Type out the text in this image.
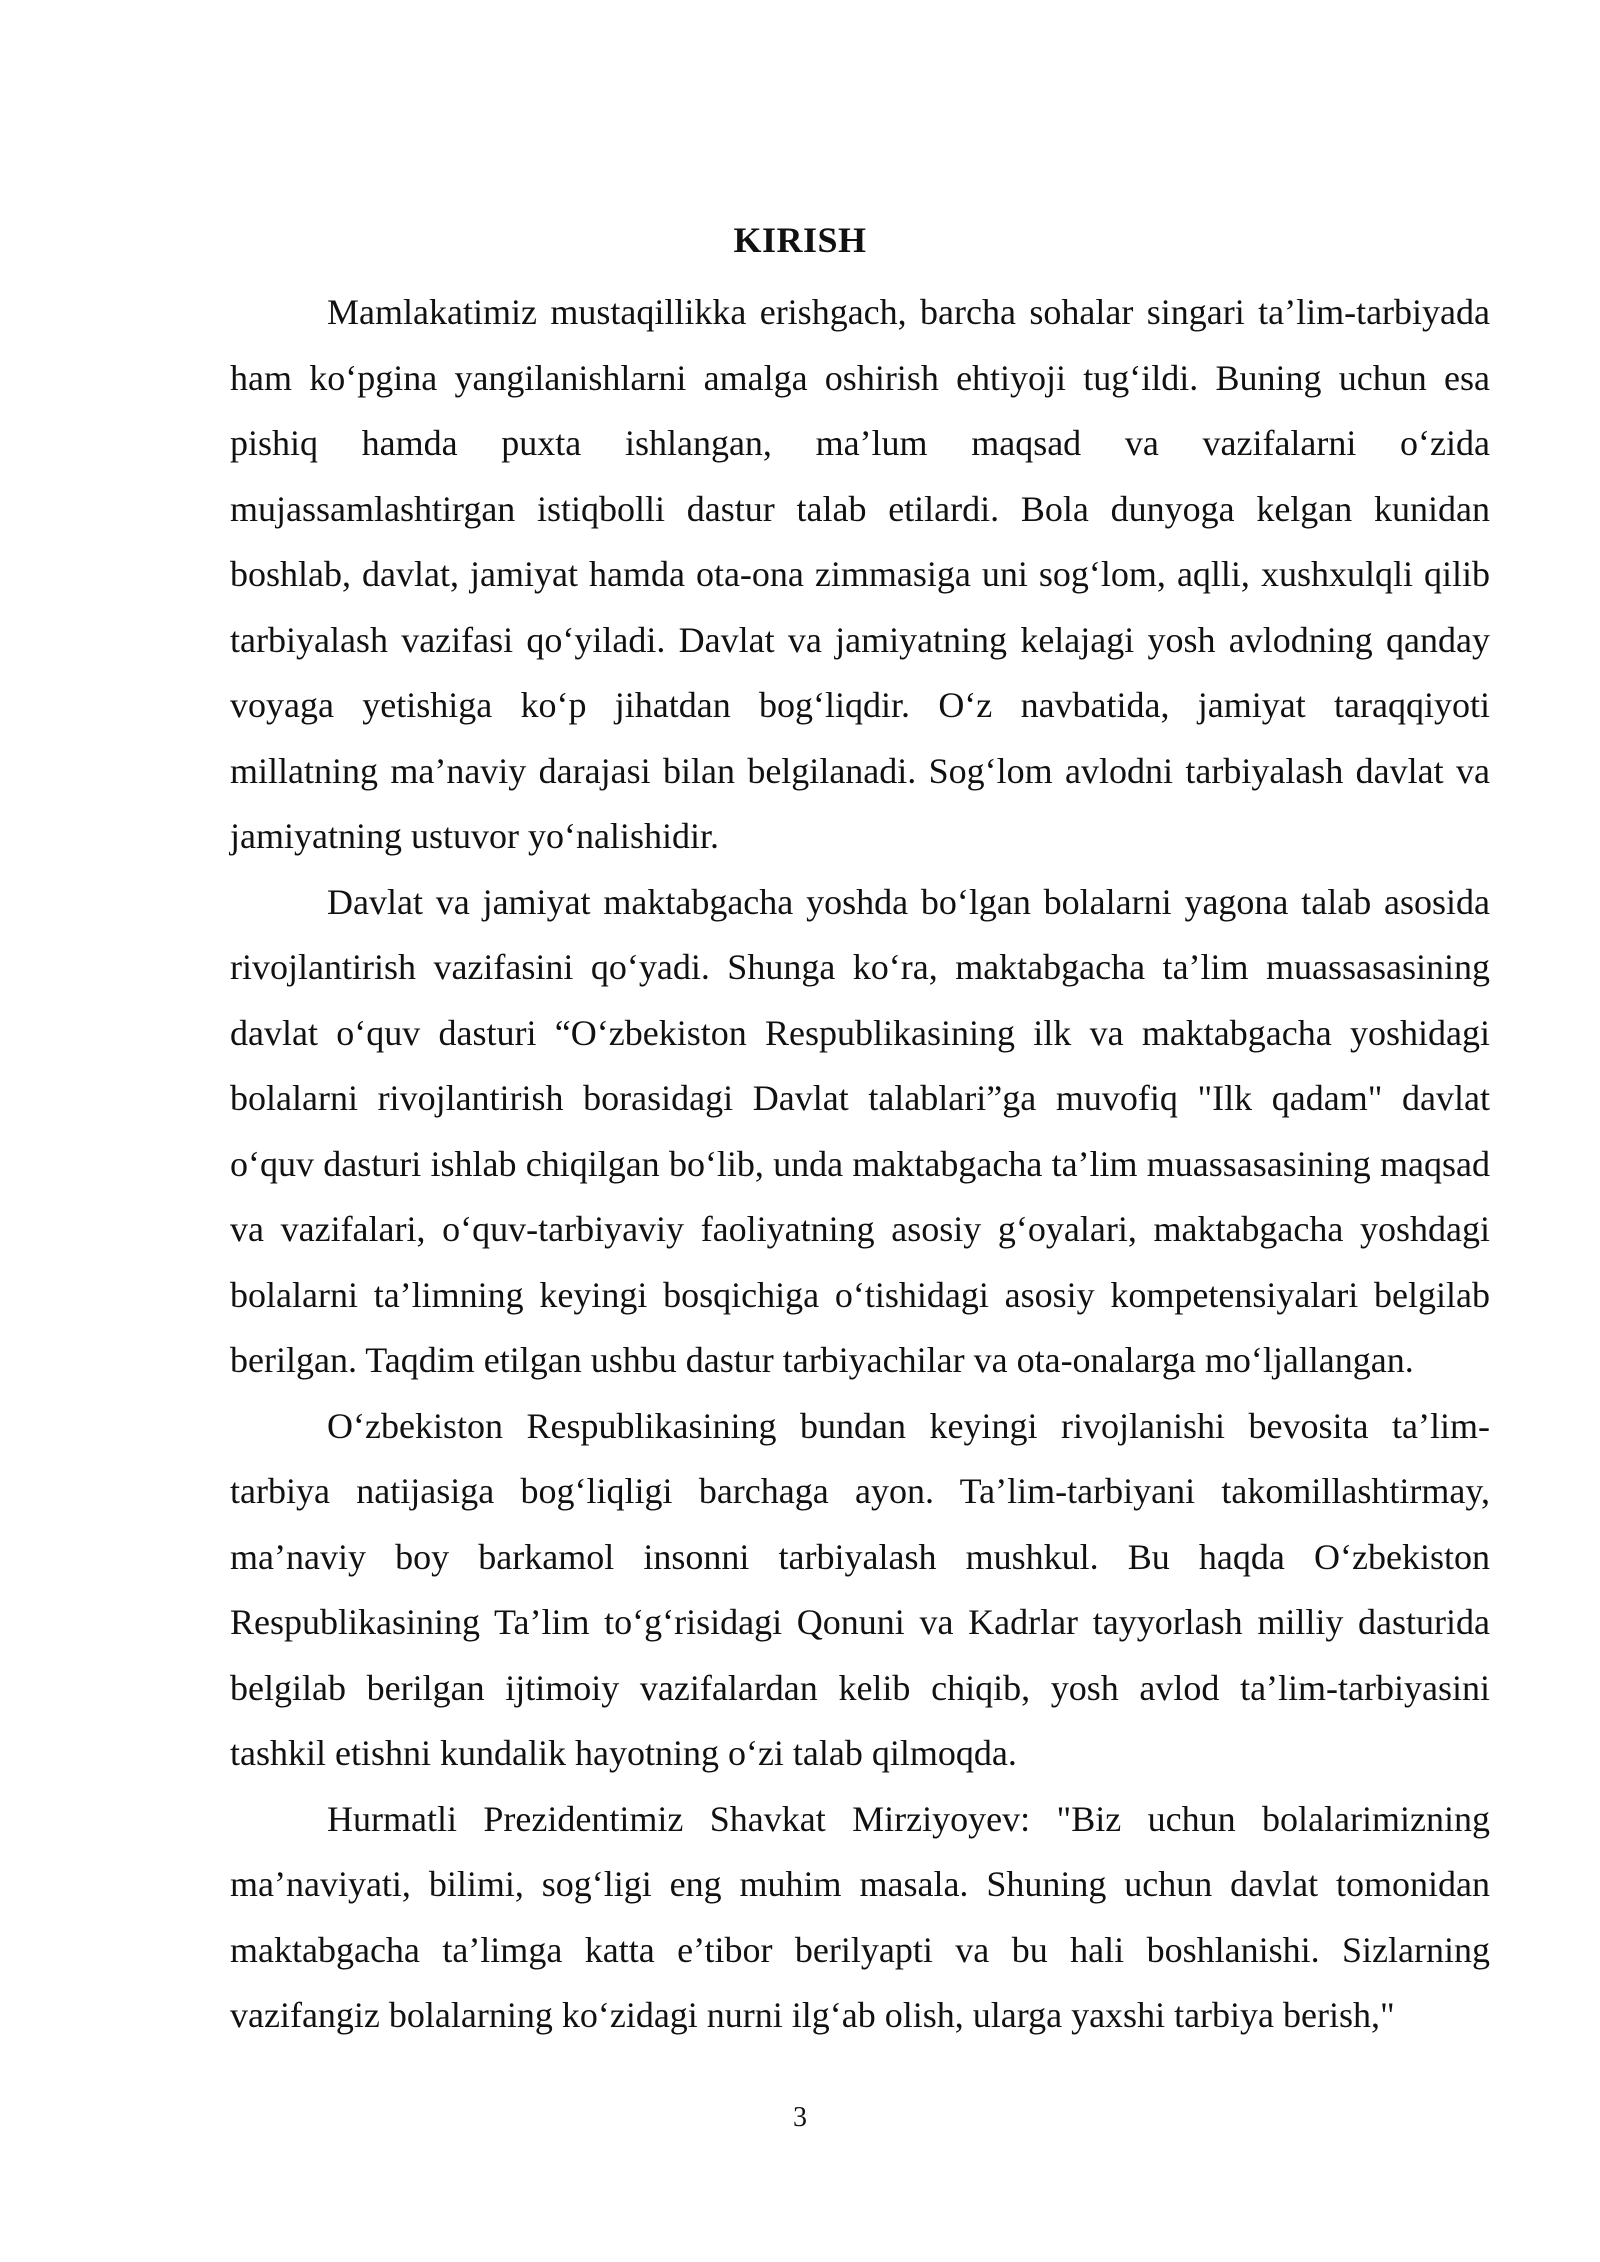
KIRISH

Mamlakatimiz mustaqillikka erishgach, barcha sohalar singari ta’lim-tarbiyada ham ko‘pgina yangilanishlarni amalga oshirish ehtiyoji tug‘ildi. Buning uchun esa pishiq hamda puxta ishlangan, ma’lum maqsad va vazifalarni o‘zida mujassamlashtirgan istiqbolli dastur talab etilardi. Bola dunyoga kelgan kunidan boshlab, davlat, jamiyat hamda ota-ona zimmasiga uni sog‘lom, aqlli, xushxulqli qilib tarbiyalash vazifasi qo‘yiladi. Davlat va jamiyatning kelajagi yosh avlodning qanday voyaga yetishiga ko‘p jihatdan bog‘liqdir. O‘z navbatida, jamiyat taraqqiyoti millatning ma’naviy darajasi bilan belgilanadi. Sog‘lom avlodni tarbiyalash davlat va jamiyatning ustuvor yo‘nalishidir.

Davlat va jamiyat maktabgacha yoshda bo‘lgan bolalarni yagona talab asosida rivojlantirish vazifasini qo‘yadi. Shunga ko‘ra, maktabgacha ta’lim muassasasining davlat o‘quv dasturi “O‘zbekiston Respublikasining ilk va maktabgacha yoshidagi bolalarni rivojlantirish borasidagi Davlat talablari”ga muvofiq "Ilk qadam" davlat o‘quv dasturi ishlab chiqilgan bo‘lib, unda maktabgacha ta’lim muassasasining maqsad va vazifalari, o‘quv-tarbiyaviy faoliyatning asosiy g‘oyalari, maktabgacha yoshdagi bolalarni ta’limning keyingi bosqichiga o‘tishidagi asosiy kompetensiyalari belgilab berilgan. Taqdim etilgan ushbu dastur tarbiyachilar va ota-onalarga mo‘ljallangan.

O‘zbekiston Respublikasining bundan keyingi rivojlanishi bevosita ta’lim-tarbiya natijasiga bog‘liqligi barchaga ayon. Ta’lim-tarbiyani takomillashtirmay, ma’naviy boy barkamol insonni tarbiyalash mushkul. Bu haqda O‘zbekiston Respublikasining Ta’lim to‘g‘risidagi Qonuni va Kadrlar tayyorlash milliy dasturida belgilab berilgan ijtimoiy vazifalardan kelib chiqib, yosh avlod ta’lim-tarbiyasini tashkil etishni kundalik hayotning o‘zi talab qilmoqda.

Hurmatli Prezidentimiz Shavkat Mirziyoyev: "Biz uchun bolalarimizning ma’naviyati, bilimi, sog‘ligi eng muhim masala. Shuning uchun davlat tomonidan maktabgacha ta’limga katta e’tibor berilyapti va bu hali boshlanishi. Sizlarning vazifangiz bolalarning ko‘zidagi nurni ilg‘ab olish, ularga yaxshi tarbiya berish,"

3
